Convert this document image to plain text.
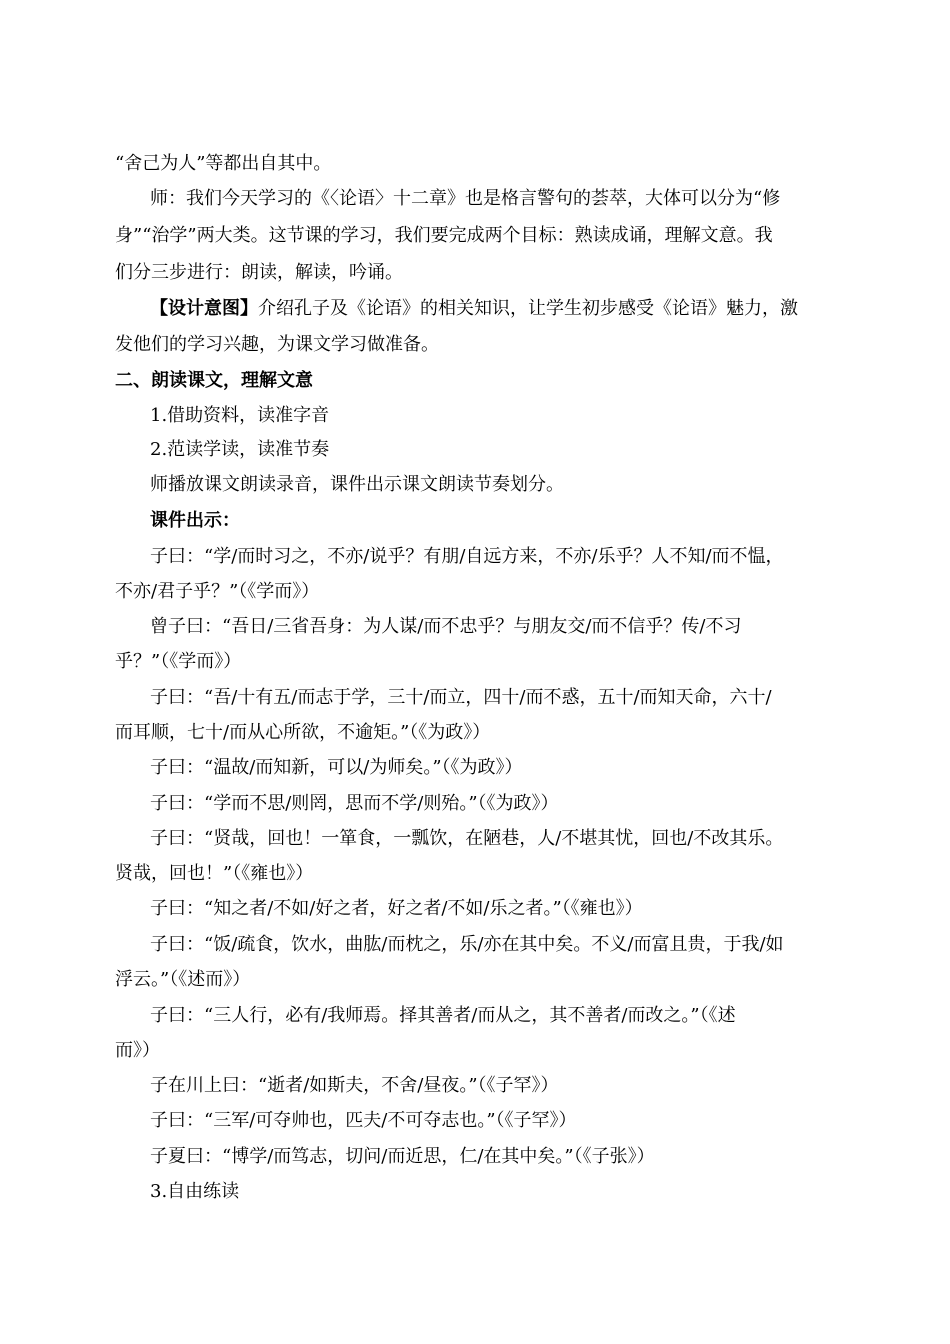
“舍己为人”等都出自其中。
师：我们今天学习的《〈论语〉十二章》也是格言警句的荟萃，大体可以分为“修
身”“治学”两大类。这节课的学习，我们要完成两个目标：熟读成诵，理解文意。我
们分三步进行：朗读，解读，吟诵。
【设计意图】介绍孔子及《论语》的相关知识，让学生初步感受《论语》魅力，激
发他们的学习兴趣，为课文学习做准备。
二、朗读课文，理解文意
1.借助资料，读准字音
2.范读学读，读准节奏
师播放课文朗读录音，课件出示课文朗读节奏划分。
课件出示：
子曰：“学/而时习之，不亦/说乎？有朋/自远方来，不亦/乐乎？人不知/而不愠，
不亦/君子乎？”（《学而》）
曾子曰：“吾日/三省吾身：为人谋/而不忠乎？与朋友交/而不信乎？传/不习
乎？”（《学而》）
子曰：“吾/十有五/而志于学，三十/而立，四十/而不惑，五十/而知天命，六十/
而耳顺，七十/而从心所欲，不逾矩。”（《为政》）
子曰：“温故/而知新，可以/为师矣。”（《为政》）
子曰：“学而不思/则罔，思而不学/则殆。”（《为政》）
子曰：“贤哉，回也！一箪食，一瓢饮，在陋巷，人/不堪其忧，回也/不改其乐。
贤哉，回也！”（《雍也》）
子曰：“知之者/不如/好之者，好之者/不如/乐之者。”（《雍也》）
子曰：“饭/疏食，饮水，曲肱/而枕之，乐/亦在其中矣。不义/而富且贵，于我/如
浮云。”（《述而》）
子曰：“三人行，必有/我师焉。择其善者/而从之，其不善者/而改之。”（《述
而》）
子在川上曰：“逝者/如斯夫，不舍/昼夜。”（《子罕》）
子曰：“三军/可夺帅也，匹夫/不可夺志也。”（《子罕》）
子夏曰：“博学/而笃志，切问/而近思，仁/在其中矣。”（《子张》）
3.自由练读
